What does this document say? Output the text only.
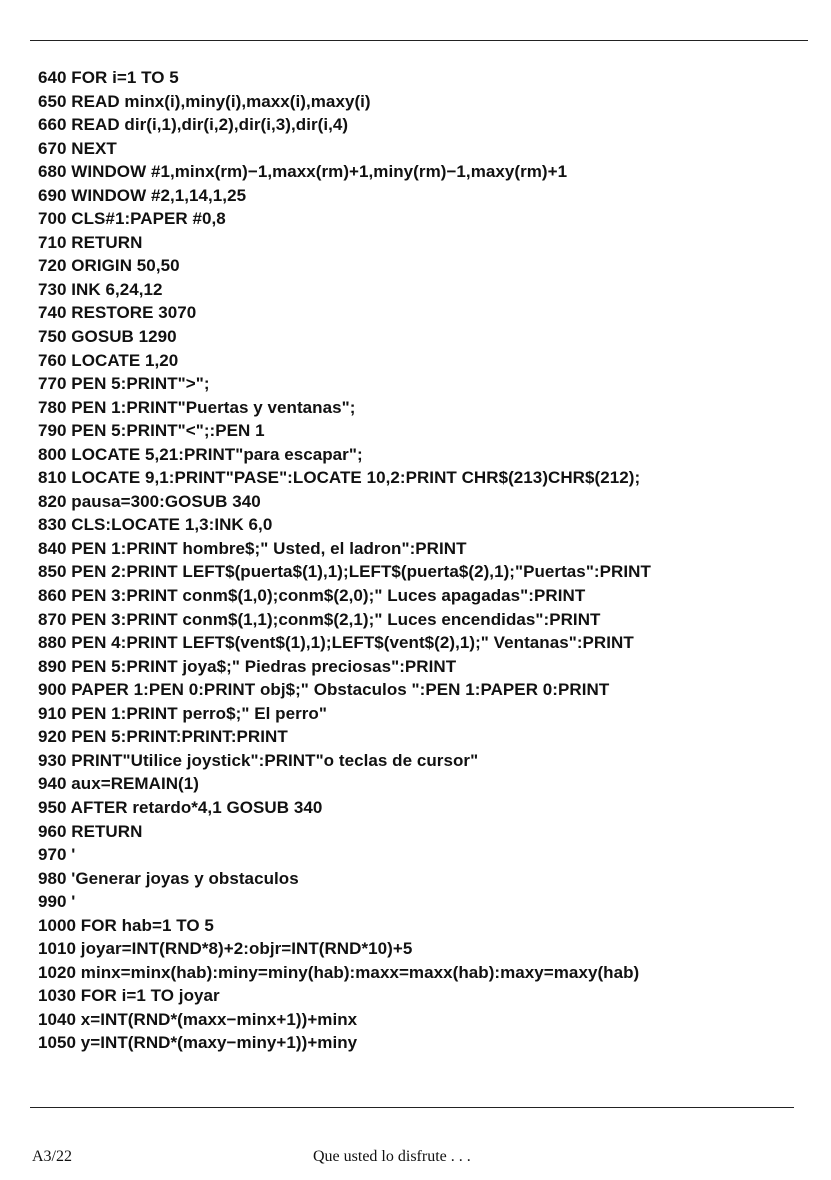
640 FOR i=1 TO 5
650 READ minx(i),miny(i),maxx(i),maxy(i)
660 READ dir(i,1),dir(i,2),dir(i,3),dir(i,4)
670 NEXT
680 WINDOW #1,minx(rm)−1,maxx(rm)+1,miny(rm)−1,maxy(rm)+1
690 WINDOW #2,1,14,1,25
700 CLS#1:PAPER #0,8
710 RETURN
720 ORIGIN 50,50
730 INK 6,24,12
740 RESTORE 3070
750 GOSUB 1290
760 LOCATE 1,20
770 PEN 5:PRINT">";
780 PEN 1:PRINT"Puertas y ventanas";
790 PEN 5:PRINT"<";:PEN 1
800 LOCATE 5,21:PRINT"para escapar";
810 LOCATE 9,1:PRINT"PASE":LOCATE 10,2:PRINT CHR$(213)CHR$(212);
820 pausa=300:GOSUB 340
830 CLS:LOCATE 1,3:INK 6,0
840 PEN 1:PRINT hombre$;" Usted, el ladron":PRINT
850 PEN 2:PRINT LEFT$(puerta$(1),1);LEFT$(puerta$(2),1);"Puertas":PRINT
860 PEN 3:PRINT conm$(1,0);conm$(2,0);" Luces apagadas":PRINT
870 PEN 3:PRINT conm$(1,1);conm$(2,1);" Luces encendidas":PRINT
880 PEN 4:PRINT LEFT$(vent$(1),1);LEFT$(vent$(2),1);" Ventanas":PRINT
890 PEN 5:PRINT joya$;" Piedras preciosas":PRINT
900 PAPER 1:PEN 0:PRINT obj$;" Obstaculos ":PEN 1:PAPER 0:PRINT
910 PEN 1:PRINT perro$;" El perro"
920 PEN 5:PRINT:PRINT:PRINT
930 PRINT"Utilice joystick":PRINT"o teclas de cursor"
940 aux=REMAIN(1)
950 AFTER retardo*4,1 GOSUB 340
960 RETURN
970 '
980 'Generar joyas y obstaculos
990 '
1000 FOR hab=1 TO 5
1010 joyar=INT(RND*8)+2:objr=INT(RND*10)+5
1020 minx=minx(hab):miny=miny(hab):maxx=maxx(hab):maxy=maxy(hab)
1030 FOR i=1 TO joyar
1040 x=INT(RND*(maxx−minx+1))+minx
1050 y=INT(RND*(maxy−miny+1))+miny
A3/22	Que usted lo disfrute . . .
